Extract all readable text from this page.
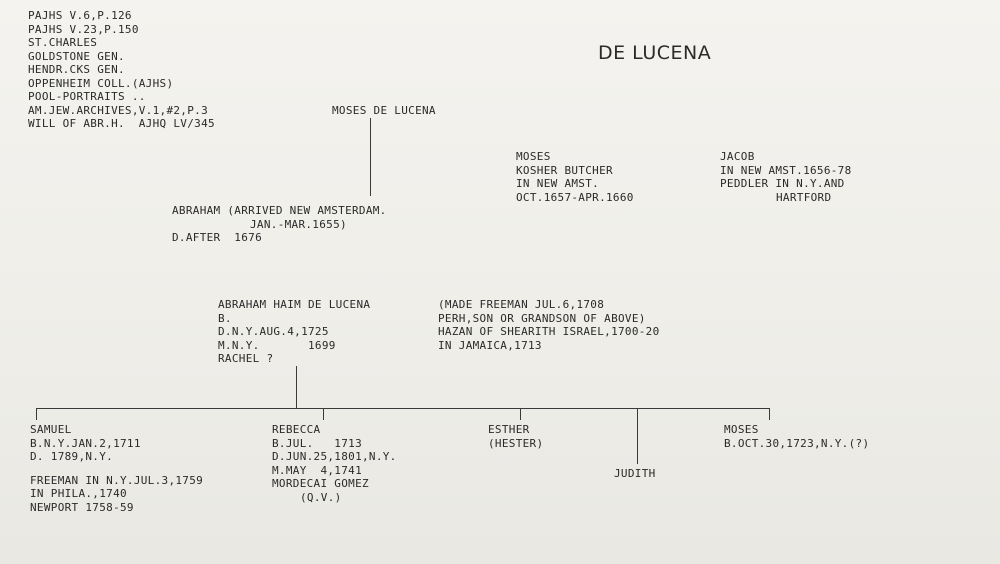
DE LUCENA
PAJHS V.6,P.126
PAJHS V.23,P.150
ST.CHARLES
GOLDSTONE GEN.
HENDR.CKS GEN.
OPPENHEIM COLL.(AJHS)
POOL-PORTRAITS ..
AM.JEW.ARCHIVES,V.1,#2,P.3
WILL OF ABR.H.  AJHQ LV/345
MOSES DE LUCENA
ABRAHAM (ARRIVED NEW AMSTERDAM.
JAN.-MAR.1655)
D.AFTER  1676
MOSES
KOSHER BUTCHER
IN NEW AMST.
OCT.1657-APR.1660
JACOB
IN NEW AMST.1656-78
PEDDLER IN N.Y.AND
HARTFORD
ABRAHAM HAIM DE LUCENA
B.
D.N.Y.AUG.4,1725
M.N.Y.       1699
RACHEL ?
(MADE FREEMAN JUL.6,1708
PERH,SON OR GRANDSON OF ABOVE)
HAZAN OF SHEARITH ISRAEL,1700-20
IN JAMAICA,1713
SAMUEL
B.N.Y.JAN.2,1711
D. 1789,N.Y.
FREEMAN IN N.Y.JUL.3,1759
IN PHILA.,1740
NEWPORT 1758-59
REBECCA
B.JUL.   1713
D.JUN.25,1801,N.Y.
M.MAY  4,1741
MORDECAI GOMEZ
(Q.V.)
ESTHER
(HESTER)
JUDITH
MOSES
B.OCT.30,1723,N.Y.(?)
